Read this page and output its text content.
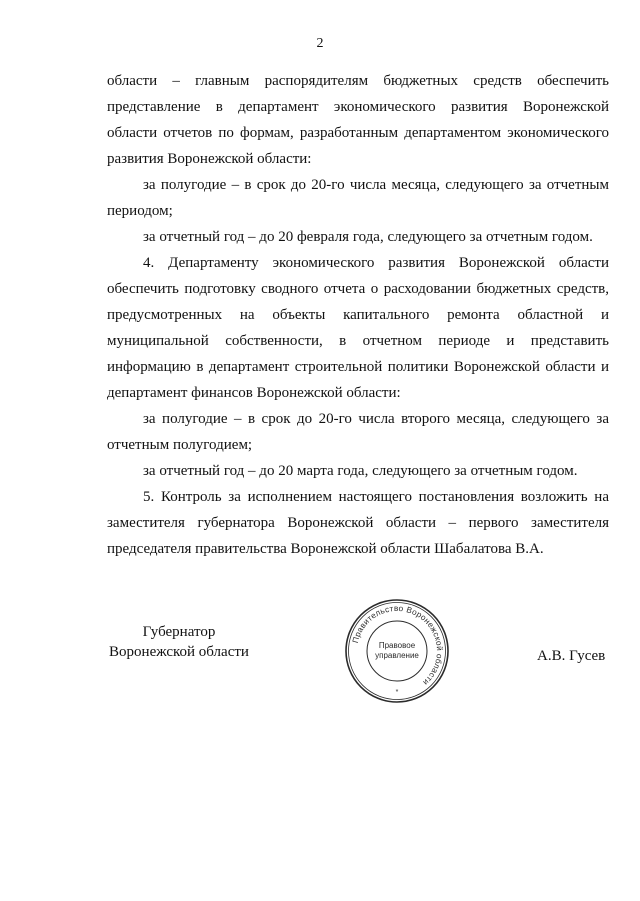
2

области – главным распорядителям бюджетных средств обеспечить
представление в департамент экономического развития Воронежской
области отчетов по формам, разработанным департаментом экономического
развития Воронежской области:

за полугодие – в срок до 20-го числа месяца, следующего за отчетным
периодом;

за отчетный год – до 20 февраля года, следующего за отчетным годом.

4. Департаменту экономического развития Воронежской области
обеспечить подготовку сводного отчета о расходовании бюджетных средств,
предусмотренных на объекты капитального ремонта областной и
муниципальной собственности, в отчетном периоде и представить
информацию в департамент строительной политики Воронежской области и
департамент финансов Воронежской области:

за полугодие – в срок до 20-го числа второго месяца, следующего за
отчетным полугодием;

за отчетный год – до 20 марта года, следующего за отчетным годом.

5. Контроль за исполнением настоящего постановления возложить на
заместителя губернатора Воронежской области – первого заместителя
председателя правительства Воронежской области Шабалатова В.А.

Губернатор
Воронежской области
Правительство Воронежской области
Правовое
управление
*
А.В. Гусев
